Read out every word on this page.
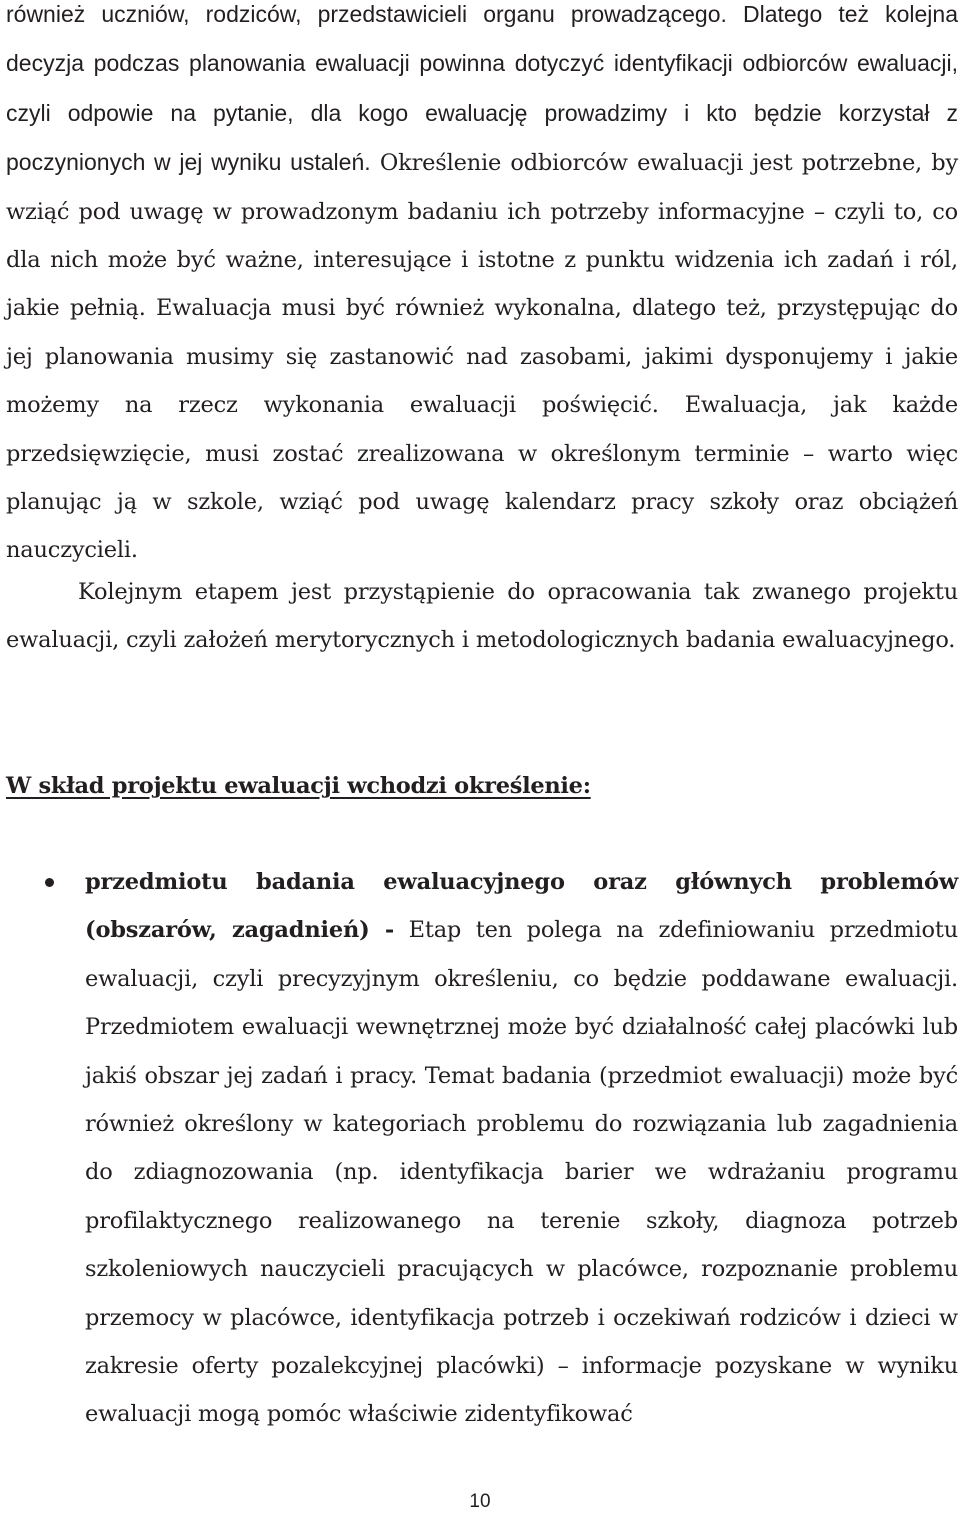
również uczniów, rodziców, przedstawicieli organu prowadzącego. Dlatego też kolejna decyzja podczas planowania ewaluacji powinna dotyczyć identyfikacji odbiorców ewaluacji, czyli odpowie na pytanie, dla kogo ewaluację prowadzimy i kto będzie korzystał z poczynionych w jej wyniku ustaleń. Określenie odbiorców ewaluacji jest potrzebne, by wziąć pod uwagę w prowadzonym badaniu ich potrzeby informacyjne – czyli to, co dla nich może być ważne, interesujące i istotne z punktu widzenia ich zadań i ról, jakie pełnią. Ewaluacja musi być również wykonalna, dlatego też, przystępując do jej planowania musimy się zastanowić nad zasobami, jakimi dysponujemy i jakie możemy na rzecz wykonania ewaluacji poświęcić. Ewaluacja, jak każde przedsięwzięcie, musi zostać zrealizowana w określonym terminie – warto więc planując ją w szkole, wziąć pod uwagę kalendarz pracy szkoły oraz obciążeń nauczycieli.

Kolejnym etapem jest przystąpienie do opracowania tak zwanego projektu ewaluacji, czyli założeń merytorycznych i metodologicznych badania ewaluacyjnego.

W skład projektu ewaluacji wchodzi określenie:

przedmiotu badania ewaluacyjnego oraz głównych problemów (obszarów, zagadnień) - Etap ten polega na zdefiniowaniu przedmiotu ewaluacji, czyli precyzyjnym określeniu, co będzie poddawane ewaluacji. Przedmiotem ewaluacji wewnętrznej może być działalność całej placówki lub jakiś obszar jej zadań i pracy. Temat badania (przedmiot ewaluacji) może być również określony w kategoriach problemu do rozwiązania lub zagadnienia do zdiagnozowania (np. identyfikacja barier we wdrażaniu programu profilaktycznego realizowanego na terenie szkoły, diagnoza potrzeb szkoleniowych nauczycieli pracujących w placówce, rozpoznanie problemu przemocy w placówce, identyfikacja potrzeb i oczekiwań rodziców i dzieci w zakresie oferty pozalekcyjnej placówki) – informacje pozyskane w wyniku ewaluacji mogą pomóc właściwie zidentyfikować

10
